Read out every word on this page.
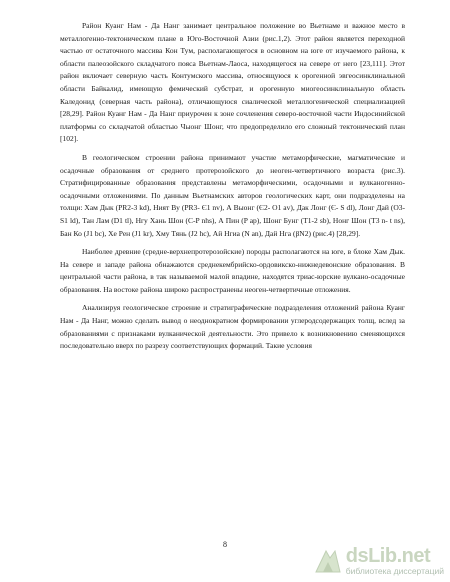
Район Куанг Нам - Да Нанг занимает центральное положение во Вьетнаме и важное место в металлогенно-тектоническом плане в Юго-Восточной Азии (рис.1,2). Этот район является переходной частью от остаточного массива Кон Тум, располагающегося в основном на юге от изучаемого района, к области палеозойского складчатого пояса Вьетнам-Лаоса, находящегося на севере от него [23,111]. Этот район включает северную часть Контумского массива, относящуюся к орогенной эвгеосинклинальной области Байкалид, имеющую фемический субстрат, и орогенную миогеосинклинальную область Каледонид (северная часть района), отличающуюся сиалической металлогенической специализацией [28,29]. Район Куанг Нам - Да Нанг приурочен к зоне сочленения северо-восточной части Индосинийской платформы со складчатой областью Чыонг Шонг, что предопределило его сложный тектонический план [102].

В геологическом строении района принимают участие метаморфические, магматические и осадочные образования от среднего протерозойского до неоген-четвертичного возраста (рис.3). Стратифицированные образования представлены метаморфическими, осадочными и вулканогенно-осадочными отложениями. По данным Вьетнамских авторов геологических карт, они подразделены на толщи: Хам Дык (PR2-3 kd), Ният Ву (PR3- Є1 nv), А Выонг (Є2- O1 av), Дак Лонг (Є- S dl), Лонг Дай (O3- S1 ld), Тан Лам (D1 tl), Нгу Хань Шон (C-P nhs), А Пин (P ap), Шонг Бунг (T1-2 sb), Нонг Шон (T3 n- t ns), Бан Ко (J1 bc), Хе Рен (J1 kr), Хму Тянь (J2 hc), Ай Нгиа (N an), Дай Нга (βN2) (рис.4) [28,29].

Наиболее древние (средне-верхнепротерозойские) породы располагаются на юге, в блоке Хам Дык. На севере и западе района обнажаются среднекембрийско-ордовикско-нижнедевонские образования. В центральной части района, в так называемой малой впадине, находятся триас-юрские вулкано-осадочные образования. На востоке района широко распространены неоген-четвертичные отложения.

Анализируя геологическое строение и стратиграфические подразделения отложений района Куанг Нам - Да Нанг, можно сделать вывод о неоднократном формировании углеродсодержащих толщ, вслед за образованиями с признаками вулканической деятельности. Это привело к возникновению сменяющихся последовательно вверх по разрезу соответствующих формаций. Такие условия

8
dsLib.net
библиотека диссертаций
